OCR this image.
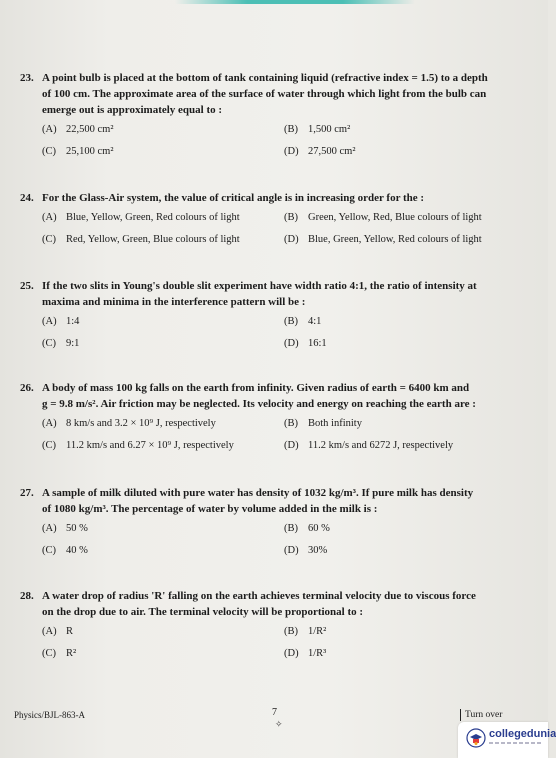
23. A point bulb is placed at the bottom of tank containing liquid (refractive index = 1.5) to a depth
of 100 cm. The approximate area of the surface of water through which light from the bulb can
emerge out is approximately equal to :
(A) 22,500 cm²	(B) 1,500 cm²
(C) 25,100 cm²	(D) 27,500 cm²
24. For the Glass-Air system, the value of critical angle is in increasing order for the :
(A) Blue, Yellow, Green, Red colours of light	(B) Green, Yellow, Red, Blue colours of light
(C) Red, Yellow, Green, Blue colours of light	(D) Blue, Green, Yellow, Red colours of light
25. If the two slits in Young's double slit experiment have width ratio 4:1, the ratio of intensity at
maxima and minima in the interference pattern will be :
(A) 1:4	(B) 4:1
(C) 9:1	(D) 16:1
26. A body of mass 100 kg falls on the earth from infinity. Given radius of earth = 6400 km and
g = 9.8 m/s². Air friction may be neglected. Its velocity and energy on reaching the earth are :
(A) 8 km/s and 3.2 × 10⁹ J, respectively	(B) Both infinity
(C) 11.2 km/s and 6.27 × 10⁹ J, respectively	(D) 11.2 km/s and 6272 J, respectively
27. A sample of milk diluted with pure water has density of 1032 kg/m³. If pure milk has density
of 1080 kg/m³. The percentage of water by volume added in the milk is :
(A) 50 %	(B) 60 %
(C) 40 %	(D) 30%
28. A water drop of radius 'R' falling on the earth achieves terminal velocity due to viscous force
on the drop due to air. The terminal velocity will be proportional to :
(A) R	(B) 1/R²
(C) R²	(D) 1/R³
Physics/BJL-863-A	7
✧
Turn over
collegedunia
